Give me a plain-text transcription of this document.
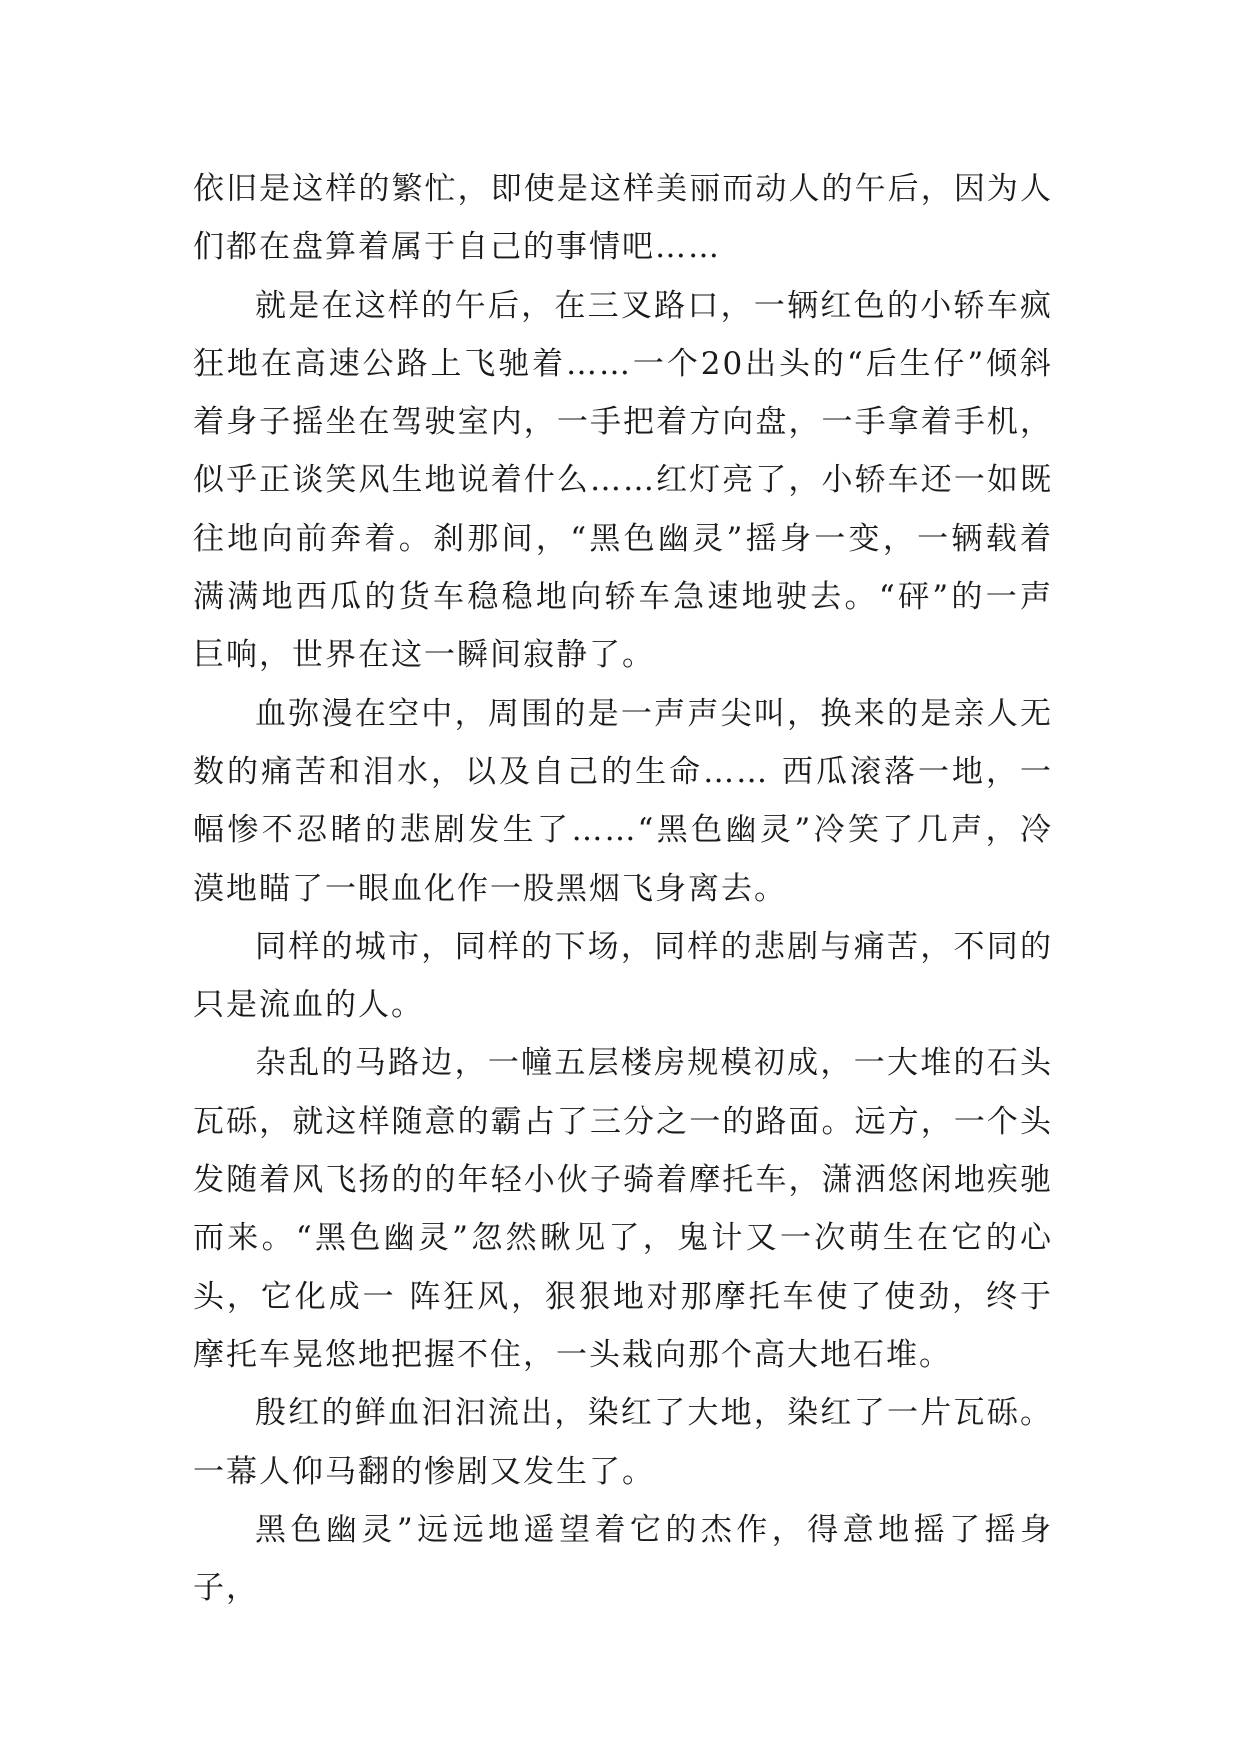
依旧是这样的繁忙，即使是这样美丽而动人的午后，因为人们都在盘算着属于自己的事情吧……

就是在这样的午后，在三叉路口，一辆红色的小轿车疯狂地在高速公路上飞驰着……一个20出头的“后生仔”倾斜着身子摇坐在驾驶室内，一手把着方向盘，一手拿着手机，似乎正谈笑风生地说着什么……红灯亮了，小轿车还一如既往地向前奔着。刹那间，“黑色幽灵”摇身一变，一辆载着满满地西瓜的货车稳稳地向轿车急速地驶去。“砰”的一声巨响，世界在这一瞬间寂静了。

血弥漫在空中，周围的是一声声尖叫，换来的是亲人无数的痛苦和泪水，以及自己的生命…… 西瓜滚落一地，一幅惨不忍睹的悲剧发生了……“黑色幽灵”冷笑了几声，冷漠地瞄了一眼血化作一股黑烟飞身离去。

同样的城市，同样的下场，同样的悲剧与痛苦，不同的只是流血的人。

杂乱的马路边，一幢五层楼房规模初成，一大堆的石头瓦砾，就这样随意的霸占了三分之一的路面。远方，一个头发随着风飞扬的的年轻小伙子骑着摩托车，潇洒悠闲地疾驰而来。“黑色幽灵”忽然瞅见了，鬼计又一次萌生在它的心头，它化成一 阵狂风，狠狠地对那摩托车使了使劲，终于摩托车晃悠地把握不住，一头栽向那个高大地石堆。

殷红的鲜血汩汩流出，染红了大地，染红了一片瓦砾。一幕人仰马翻的惨剧又发生了。

黑色幽灵”远远地遥望着它的杰作，得意地摇了摇身子，
